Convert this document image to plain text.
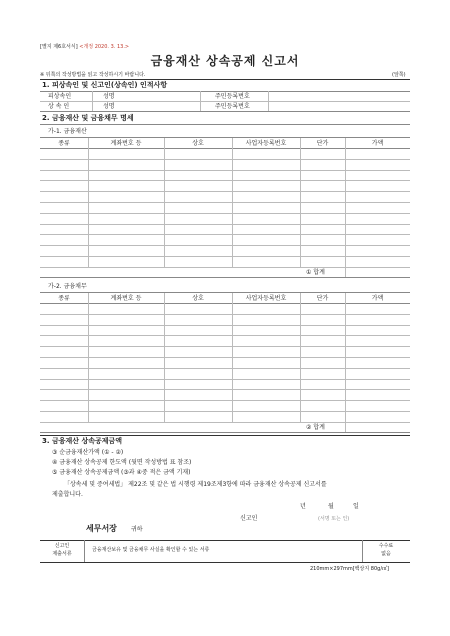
[별지 제6호서식] <개정 2020. 3. 13.>
금융재산 상속공제 신고서
※ 뒤쪽의 작성방법을 읽고 작성하시기 바랍니다.	(앞쪽)
1. 피상속인 및 신고인(상속인) 인적사항
피상속인	성명	주민등록번호
상 속 인	성명	주민등록번호
2. 금융재산 및 금융채무 명세
가-1. 금융재산
가-2. 금융채무
3. 금융재산 상속공제금액
③ 순금융재산가액 (① - ②)
④ 금융재산 상속공제 한도액 (뒷면 작성방법 표 참조)
⑤ 금융재산 상속공제금액 (③과 ④중 적은 금액 기재)
「상속세 및 증여세법」 제22조 및 같은 법 시행령 제19조제3항에 따라 금융재산 상속공제 신고서를
제출합니다.
년	월	일
신고인	(서명 또는 인)
세무서장 귀하
신고인
제출서류
금융재산보유 및 금융채무 사실을 확인할 수 있는 서류
수수료
없음
210mm×297mm[백상지 80g/㎡]
종류	계좌번호 등	상호	사업자등록번호	단가	가액
① 합계
종류	계좌번호 등	상호	사업자등록번호	단가	가액
② 합계
